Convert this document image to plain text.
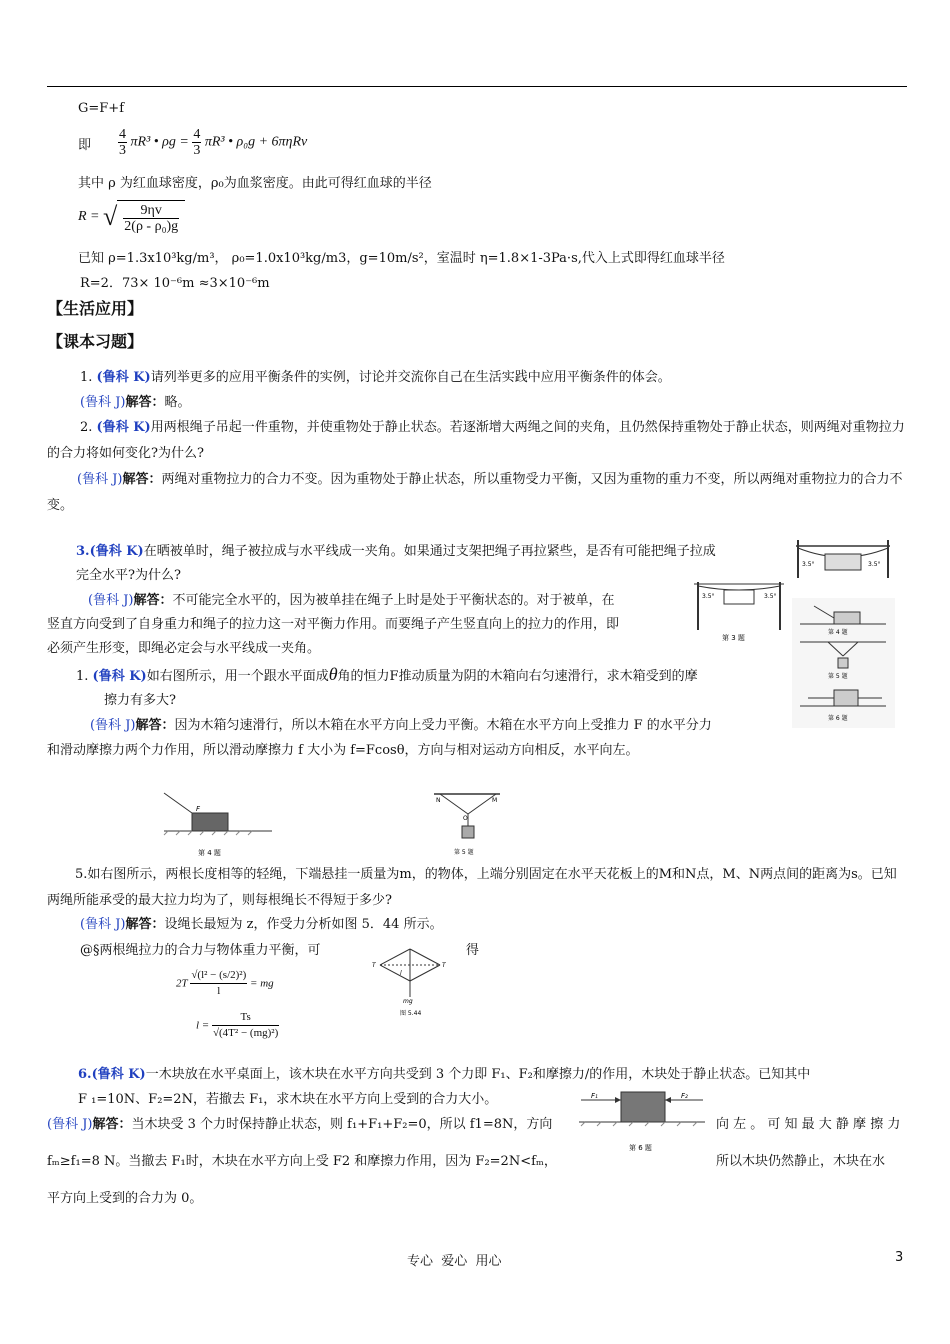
G=F+f
即 $\frac{4}{3} \pi R^3$ • $\rho g = \frac{4}{3} \pi R^3$ • ρ₀g + 6πηRv
其中 ρ 为红血球密度，ρ₀为血浆密度。由此可得红血球的半径
R = √ $\frac{9\eta v}{\text{2(ρ - ρ₀)g}}$
已知 ρ=1.3x10³kg/m³， ρ₀=1.0x10³kg/m3，g=10m/s²，室温时 η=1.8×1-3Pa·s,代入上式即得红血球半径
R=2．73× 10⁻⁶m ≈3×10⁻⁶m
【生活应用】
【课本习题】
1. (鲁科 K)请列举更多的应用平衡条件的实例，讨论并交流你自己在生活实践中应用平衡条件的体会。
(鲁科 J)解答：略。
2. (鲁科 K)用两根绳子吊起一件重物，并使重物处于静止状态。若逐渐增大两绳之间的夹角，且仍然保持重物处于静止状态，则两绳对重物拉力的合力将如何变化?为什么?
(鲁科 J)解答：两绳对重物拉力的合力不变。因为重物处于静止状态，所以重物受力平衡，又因为重物的重力不变，所以两绳对重物拉力的合力不变。
3.(鲁科 K)在晒被单时，绳子被拉成与水平线成一夹角。如果通过支架把绳子再拉紧些，是否有可能把绳子拉成
完全水平?为什么?
(鲁科 J)解答：不可能完全水平的，因为被单挂在绳子上时是处于平衡状态的。对于被单，在
竖直方向受到了自身重力和绳子的拉力这一对平衡力作用。而要绳子产生竖直向上的拉力的作用，即
必须产生形变，即绳必定会与水平线成一夹角。
1. (鲁科 K)如右图所示，用一个跟水平面成θ角的恒力F推动质量为阴的木箱向右匀速滑行，求木箱受到的摩
擦力有多大?
(鲁科 J)解答：因为木箱匀速滑行，所以木箱在水平方向上受力平衡。木箱在水平方向上受推力 F 的水平分力
和滑动摩擦力两个力作用，所以滑动摩擦力 f 大小为 f=Fcosθ，方向与相对运动方向相反，水平向左。
3.5°	3.5°
3.5°	3.5°
第 3 题
第 4 题
第 5 题
第 6 题
F
第 4 题
N	M
O
第 5 题
5.如右图所示，两根长度相等的轻绳，下端悬挂一质量为m，的物体，上端分别固定在水平天花板上的M和N点，M、N两点间的距离为s。已知两绳所能承受的最大拉力均为了，则每根绳长不得短于多少?
(鲁科 J)解答：设绳长最短为 z，作受力分析如图 5．44 所示。
@§两根绳拉力的合力与物体重力平衡，可	得
$2T \frac{\text{√(l² − (s/2)²)}}{l}$ = mg
$l = \frac{Ts}{\text{√(4T² − (mg)²)}}$
T	T
l
mg
图 5.44
6.(鲁科 K)一木块放在水平桌面上，该木块在水平方向共受到 3 个力即 F₁、F₂和摩擦力/的作用，木块处于静止状态。已知其中
F ₁=10N、F₂=2N，若撤去 F₁，求木块在水平方向上受到的合力大小。
(鲁科 J)解答：当木块受 3 个力时保持静止状态，则 f₁+F₁+F₂=0，所以 f1=8N，方向	向 左 。 可 知 最 大 静 摩 擦 力
fₘ≥f₁=8 N。当撤去 F₁时，木块在水平方向上受 F2 和摩擦力作用，因为 F₂=2N<fₘ，	所以木块仍然静止，木块在水
平方向上受到的合力为 0。
F₁	F₂
第 6 题
专心  爱心  用心	3
